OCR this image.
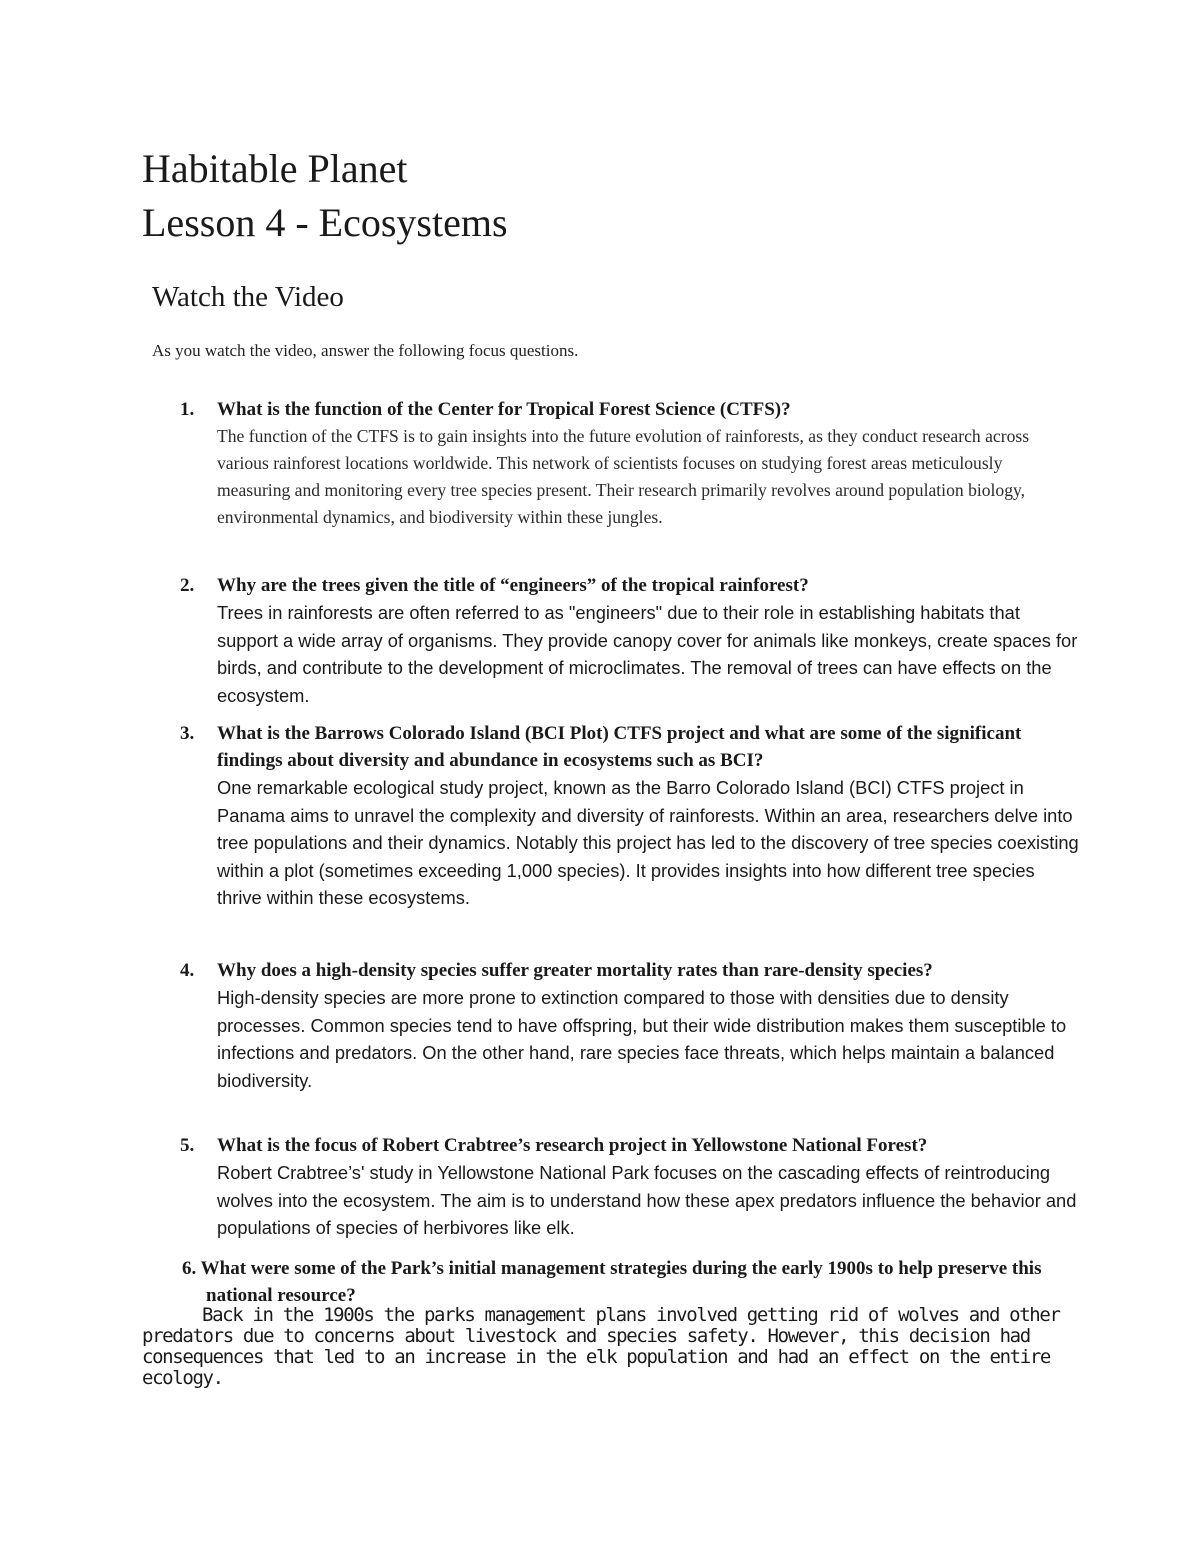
Habitable Planet
Lesson 4 - Ecosystems
Watch the Video

As you watch the video, answer the following focus questions.

1.	What is the function of the Center for Tropical Forest Science (CTFS)?

The function of the CTFS is to gain insights into the future evolution of rainforests, as they conduct research across various rainforest locations worldwide. This network of scientists focuses on studying forest areas meticulously measuring and monitoring every tree species present. Their research primarily revolves around population biology, environmental dynamics, and biodiversity within these jungles.

2.	Why are the trees given the title of “engineers” of the tropical rainforest?

Trees in rainforests are often referred to as "engineers" due to their role in establishing habitats that support a wide array of organisms. They provide canopy cover for animals like monkeys, create spaces for birds, and contribute to the development of microclimates. The removal of trees can have effects on the ecosystem.

3.	What is the Barrows Colorado Island (BCI Plot) CTFS project and what are some of the significant findings about diversity and abundance in ecosystems such as BCI?

One remarkable ecological study project, known as the Barro Colorado Island (BCI) CTFS project in Panama aims to unravel the complexity and diversity of rainforests. Within an area, researchers delve into tree populations and their dynamics. Notably this project has led to the discovery of tree species coexisting within a plot (sometimes exceeding 1,000 species). It provides insights into how different tree species thrive within these ecosystems.

4.	Why does a high-density species suffer greater mortality rates than rare-density species?

High-density species are more prone to extinction compared to those with densities due to density processes. Common species tend to have offspring, but their wide distribution makes them susceptible to infections and predators. On the other hand, rare species face threats, which helps maintain a balanced biodiversity.

5.	What is the focus of Robert Crabtree’s research project in Yellowstone National Forest?

Robert Crabtree’s' study in Yellowstone National Park focuses on the cascading effects of reintroducing wolves into the ecosystem. The aim is to understand how these apex predators influence the behavior and populations of species of herbivores like elk.

6. What were some of the Park’s initial management strategies during the early 1900s to help preserve this national resource?

Back in the 1900s the parks management plans involved getting rid of wolves and other predators due to concerns about livestock and species safety. However, this decision had consequences that led to an increase in the elk population and had an effect on the entire ecology.
